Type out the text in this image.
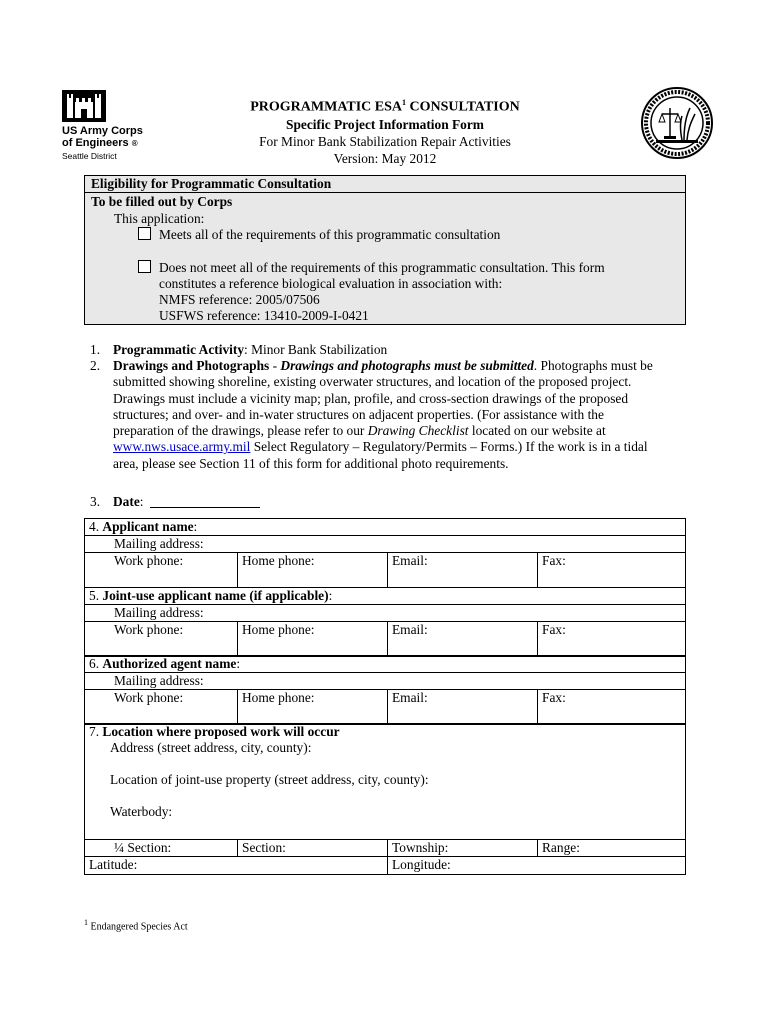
US Army Corps
of Engineers ®
Seattle District
PROGRAMMATIC ESA$^1$ CONSULTATION
Specific Project Information Form
For Minor Bank Stabilization Repair Activities
Version: May 2012
Eligibility for Programmatic Consultation
To be filled out by Corps
This application:
Meets all of the requirements of this programmatic consultation
Does not meet all of the requirements of this programmatic consultation. This form
constitutes a reference biological evaluation in association with:
NMFS reference: 2005/07506
USFWS reference: 13410-2009-I-0421
1. Programmatic Activity: Minor Bank Stabilization
2. Drawings and Photographs - Drawings and photographs must be submitted. Photographs must be
submitted showing shoreline, existing overwater structures, and location of the proposed project.
Drawings must include a vicinity map; plan, profile, and cross-section drawings of the proposed
structures; and over- and in-water structures on adjacent properties. (For assistance with the
preparation of the drawings, please refer to our Drawing Checklist located on our website at
www.nws.usace.army.mil Select Regulatory – Regulatory/Permits – Forms.) If the work is in a tidal
area, please see Section 11 of this form for additional photo requirements.
3. Date:
4. Applicant name:
Mailing address:
Work phone:	Home phone:	Email:	Fax:
5. Joint-use applicant name (if applicable):
Mailing address:
Work phone:	Home phone:	Email:	Fax:
6. Authorized agent name:
Mailing address:
Work phone:	Home phone:	Email:	Fax:
7. Location where proposed work will occur
Address (street address, city, county):
Location of joint-use property (street address, city, county):
Waterbody:
¼ Section:	Section:	Township:	Range:
Latitude:	Longitude:
$^1$ Endangered Species Act
